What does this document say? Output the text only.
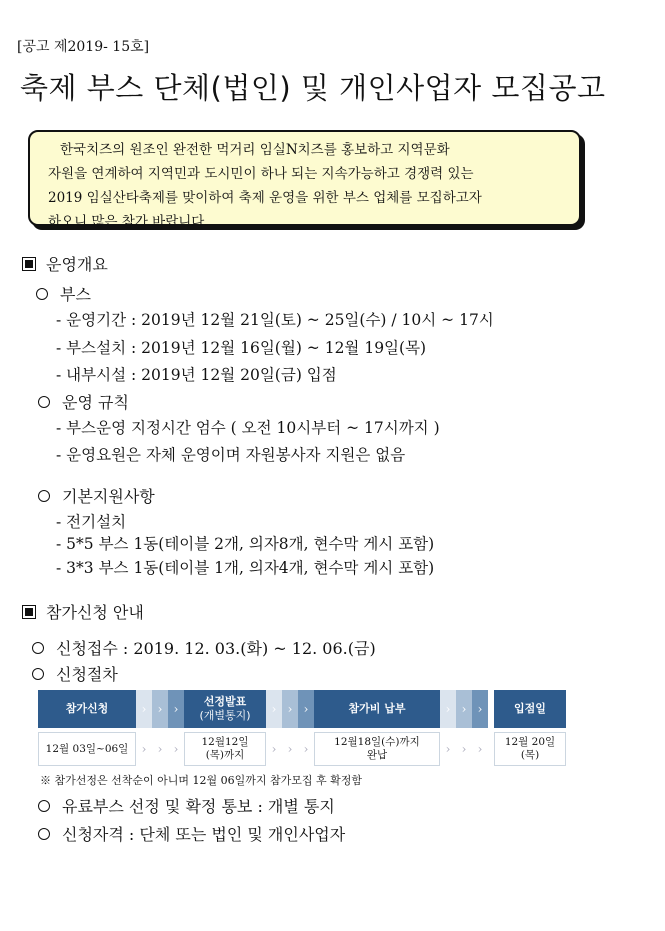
[공고 제2019- 15호]
축제 부스 단체(법인) 및 개인사업자 모집공고
한국치즈의 원조인 완전한 먹거리 임실N치즈를 홍보하고 지역문화
자원을 연계하여 지역민과 도시민이 하나 되는 지속가능하고 경쟁력 있는
2019 임실산타축제를 맞이하여 축제 운영을 위한 부스 업체를 모집하고자
하오니 많은 참가 바랍니다.
운영개요
부스
- 운영기간 : 2019년 12월 21일(토) ~ 25일(수) / 10시 ~ 17시
- 부스설치 : 2019년 12월 16일(월) ~ 12월 19일(목)
- 내부시설 : 2019년 12월 20일(금) 입점
운영 규칙
- 부스운영 지정시간 엄수 ( 오전 10시부터 ~ 17시까지 )
- 운영요원은 자체 운영이며 자원봉사자 지원은 없음
기본지원사항
- 전기설치
- 5*5 부스 1동(테이블 2개, 의자8개, 현수막 게시 포함)
- 3*3 부스 1동(테이블 1개, 의자4개, 현수막 게시 포함)
참가신청 안내
신청접수 : 2019. 12. 03.(화) ~ 12. 06.(금)
신청절차
참가신청
12월 03일~06일
› › ›
› › ›
선정발표
(개별통지)
12월12일
(목)까지
› › ›
› › ›
참가비 납부
12월18일(수)까지
완납
› › ›
› › ›
입점일
12월 20일
(목)
※ 참가선정은 선착순이 아니며 12월 06일까지 참가모집 후 확정함
유료부스 선정 및 확정 통보 : 개별 통지
신청자격 : 단체 또는 법인 및 개인사업자
